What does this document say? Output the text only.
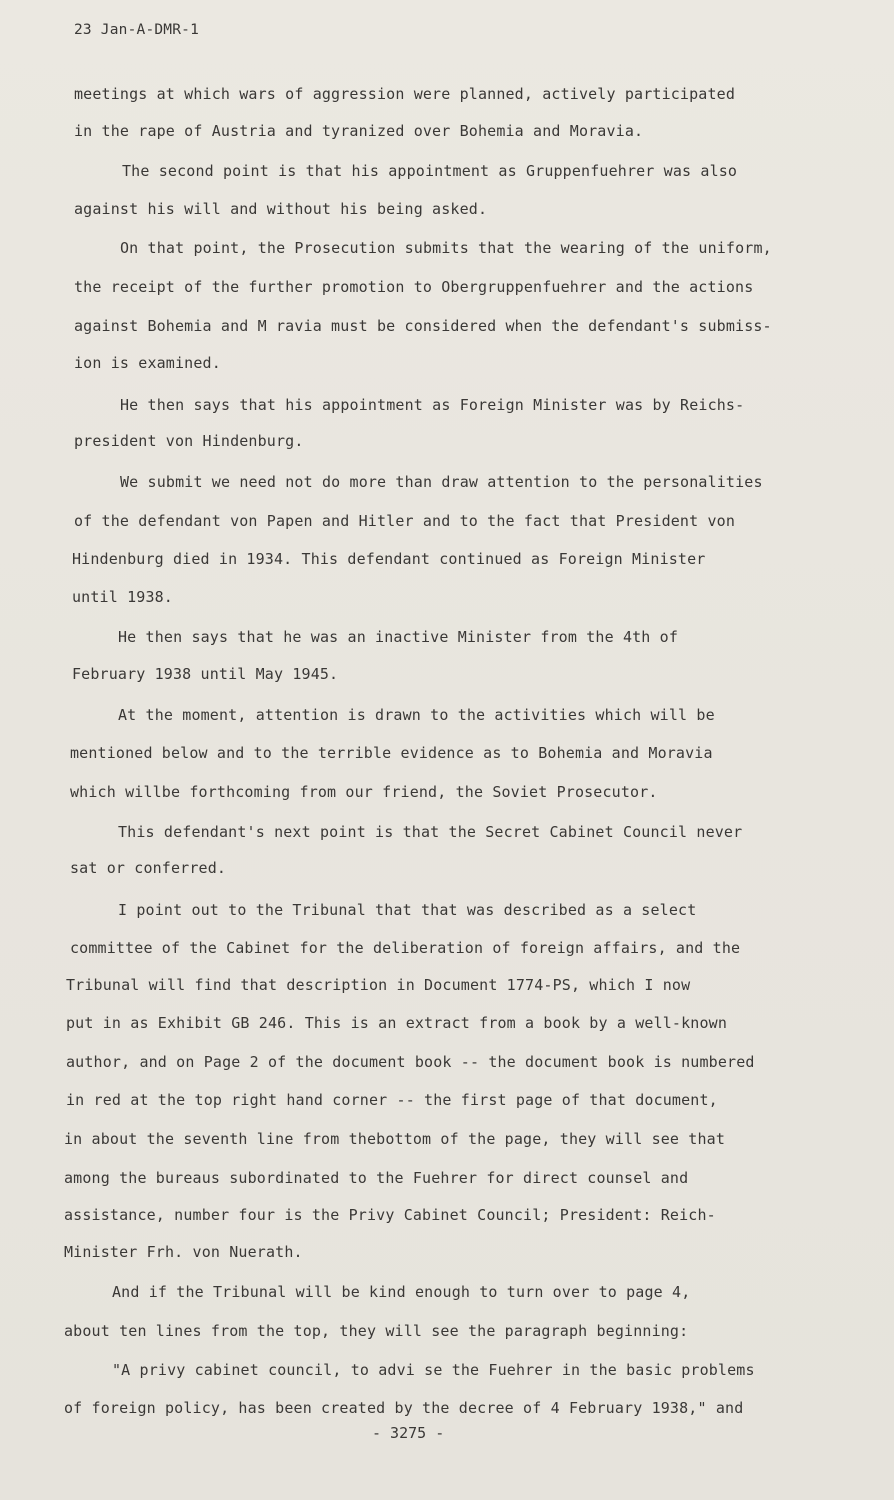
23 Jan-A-DMR-1
meetings at which wars of aggression were planned, actively participated
in the rape of Austria and tyranized over Bohemia and Moravia.
The second point is that his appointment as Gruppenfuehrer was also
against his will and without his being asked.
On that point, the Prosecution submits that the wearing of the uniform,
the receipt of the further promotion to Obergruppenfuehrer and the actions
against Bohemia and M ravia must be considered when the defendant's submiss-
ion is examined.
He then says that his appointment as Foreign Minister was by Reichs-
president von Hindenburg.
We submit we need not do more than draw attention to the personalities
of the defendant von Papen and Hitler and to the fact that President von
Hindenburg died in 1934. This defendant continued as Foreign Minister
until 1938.
He then says that he was an inactive Minister from the 4th of
February 1938 until May 1945.
At the moment, attention is drawn to the activities which will be
mentioned below and to the terrible evidence as to Bohemia and Moravia
which willbe forthcoming from our friend, the Soviet Prosecutor.
This defendant's next point is that the Secret Cabinet Council never
sat or conferred.
I point out to the Tribunal that that was described as a select
committee of the Cabinet for the deliberation of foreign affairs, and the
Tribunal will find that description in Document 1774-PS, which I now
put in as Exhibit GB 246. This is an extract from a book by a well-known
author, and on Page 2 of the document book -- the document book is numbered
in red at the top right hand corner -- the first page of that document,
in about the seventh line from thebottom of the page, they will see that
among the bureaus subordinated to the Fuehrer for direct counsel and
assistance, number four is the Privy Cabinet Council; President: Reich-
Minister Frh. von Nuerath.
And if the Tribunal will be kind enough to turn over to page 4,
about ten lines from the top, they will see the paragraph beginning:
"A privy cabinet council, to advi se the Fuehrer in the basic problems
of foreign policy, has been created by the decree of 4 February 1938," and
- 3275 -
